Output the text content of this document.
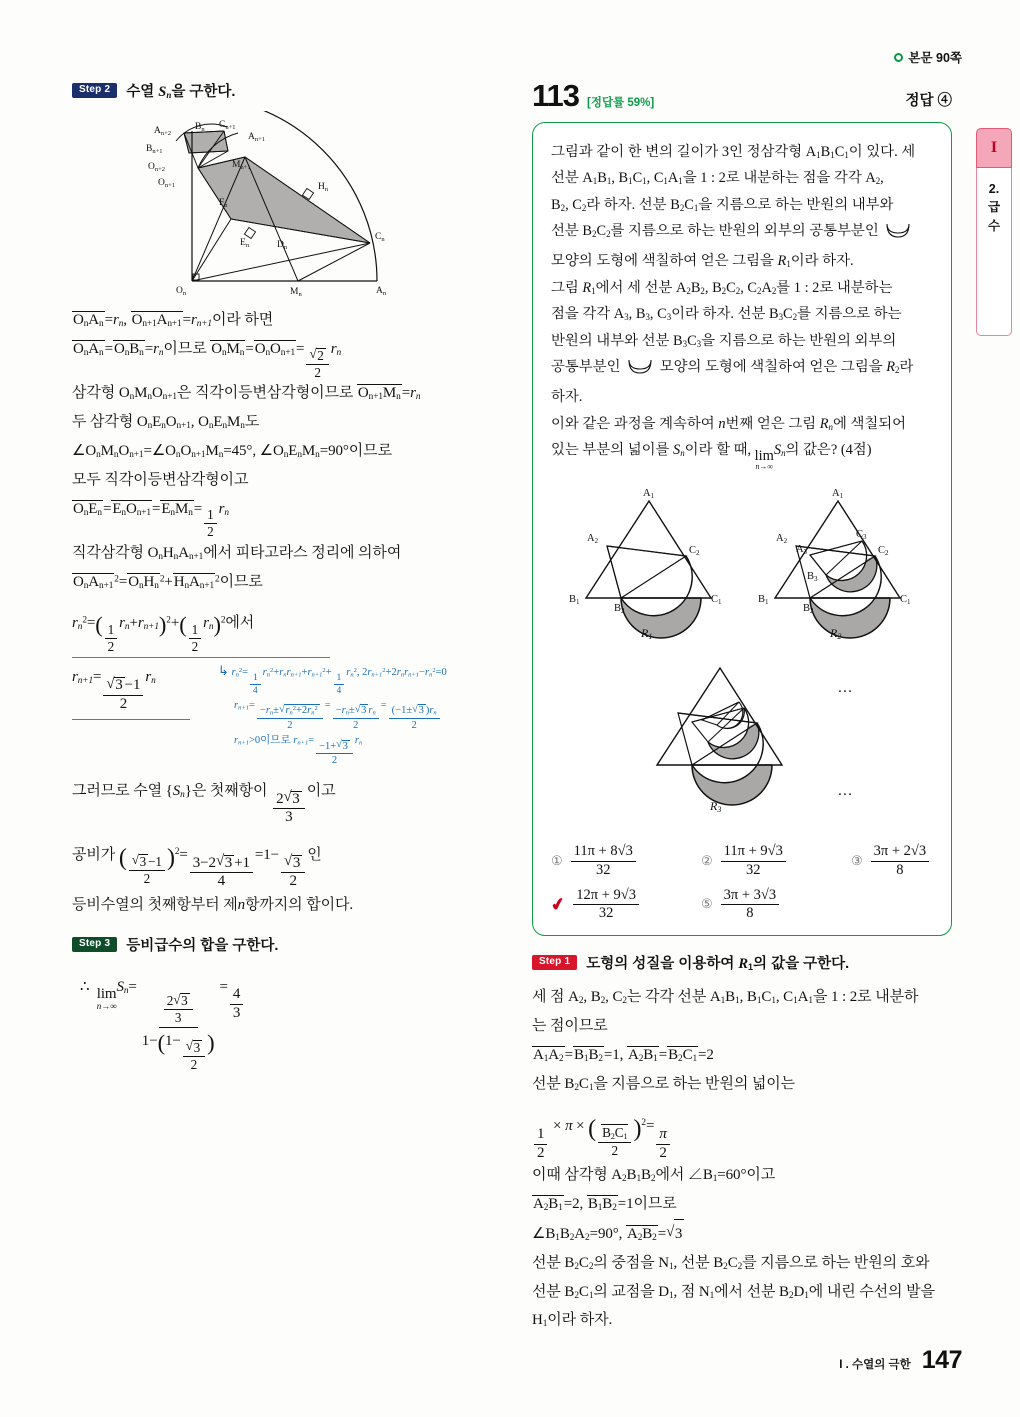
본문 90쪽
Step 2	수열 $S_n$을 구한다.
$A_{n+2}$
$B_{n+1}$
$O_{n+2}$
$B_n$ $C_{n+1}$
$A_{n+1}$
$M_{n+1}$
$O_{n+1}$
$F_n$
$H_n$
$E_n$	$D_n$
$C_n$
$O_n$	$M_n$	$A_n$
$O_nA_n=r_n$, $O_{n+1}A_{n+1}=r_{n+1}$이라 하면
$O_nA_n=O_nB_n=r_n$이므로 $O_nM_n=O_nO_{n+1}=$ √ $\frac{2}{2} r_n$
삼각형 $O_nM_nO_{n+1}$은 직각이등변삼각형이므로 $O_{n+1}M_n=r_n$
두 삼각형 $O_nE_nO_{n+1}$, $O_nE_nM_n$도
$\angle O_nM_nO_{n+1}=\angle O_nO_{n+1}M_n=45^\circ$, $\angle O_nE_nM_n=90^\circ$이므로
모두 직각이등변삼각형이고
$O_nE_n=E_nO_{n+1}=E_nM_n= \frac{1}{2} r_n$
직각삼각형 $O_nH_nA_{n+1}$에서 피타고라스 정리에 의하여
$O_nA_{n+1}^2=O_nH_n^2+H_nA_{n+1}^2$이므로
$r_n^2=( \frac{1}{2} r_n+r_{n+1})^2+( \frac{1}{2} r_n)^2$에서
$r_{n+1}=$ √ $\frac{3 -1}{2} r_n$
↳ $r_n^2=$
$\frac{1}{4}$
$r_n^2+r_nr_{n+1}+r_{n+1}^2+$
$\frac{1}{4}$
$r_n^2$, $2r_{n+1}^2+2r_nr_{n+1}-r_n^2=0$
$r_{n+1}= \frac{-r_n\pm √ r_n^2+2r_n^2}{2} = \frac{-r_n\pm √ 3 r_n}{2} = \frac{(-1\pm √ 3 )r_n}{2}$
$r_{n+1}>0$이므로 $r_{n+1}= \frac{-1+ √ 3}{2} r_n$
그러므로 수열 $\{S_n\}$은 첫째항이 $\frac{2 √ 3}{3}$ 이고
공비가 ( √ $\frac{3 -1}{2} )^2= \frac{3-2 √ 3 +1}{4} =1-$ √ $\frac{3}{2}$ 인
등비수열의 첫째항부터 제n항까지의 합이다.
Step 3	등비급수의 합을 구한다.
∴ lim
n→∞
$S_n=$
$\frac{\frac{2 √ 3}{3}}{1-(1- √ \frac{3}{2} )}$
=
$\frac{4}{3}$
113 [정답률 59%]	정답 ④
그림과 같이 한 변의 길이가 3인 정삼각형 $A_1B_1C_1$이 있다. 세
선분 $A_1B_1$, $B_1C_1$, $C_1A_1$을 1 : 2로 내분하는 점을 각각 $A_2$,
$B_2$, $C_2$라 하자. 선분 $B_2C_1$을 지름으로 하는 반원의 내부와
선분 $B_2C_2$를 지름으로 하는 반원의 외부의 공통부분인
모양의 도형에 색칠하여 얻은 그림을 $R_1$이라 하자.
그림 $R_1$에서 세 선분 $A_2B_2$, $B_2C_2$, $C_2A_2$를 1 : 2로 내분하는
점을 각각 $A_3$, $B_3$, $C_3$이라 하자. 선분 $B_3C_2$를 지름으로 하는
반원의 내부와 선분 $B_3C_3$을 지름으로 하는 반원의 외부의
공통부분인  모양의 도형에 색칠하여 얻은 그림을 $R_2$라
하자.
이와 같은 과정을 계속하여 n번째 얻은 그림 $R_n$에 색칠되어
있는 부분의 넓이를 $S_n$이라 할 때, lim
n→∞
$S_n$의 값은? (4점)
A1
A2
C2
B1
B2
C1
R1
A1
A2
A3
C3
C2
B1
B2
B3
C1
R2
R3
…
…
① $\frac{11\pi + 8√3}{32}$	② $\frac{11\pi + 9√3}{32}$	③ $\frac{3\pi + 2√3}{8}$
✔ $\frac{12\pi + 9√3}{32}$	⑤ $\frac{3\pi + 3√3}{8}$
Step 1	도형의 성질을 이용하여 $R_1$의 값을 구한다.
세 점 $A_2$, $B_2$, $C_2$는 각각 선분 $A_1B_1$, $B_1C_1$, $C_1A_1$을 1 : 2로 내분하
는 점이므로
$A_1A_2=B_1B_2=1$, $A_2B_1=B_2C_1=2$
선분 $B_2C_1$을 지름으로 하는 반원의 넓이는
$\frac{1}{2}$
× π × ( $\frac{B_2C_1}{2} )^2=$
$\frac{\pi}{2}$
이때 삼각형 $A_2B_1B_2$에서 $\angle B_1=60^\circ$이고
$A_2B_1=2$, $B_1B_2=1$이므로
$\angle B_1B_2A_2=90^\circ$, $A_2B_2=$ √ 3
선분 $B_2C_2$의 중점을 $N_1$, 선분 $B_2C_2$를 지름으로 하는 반원의 호와
선분 $B_2C_1$의 교점을 $D_1$, 점 $N_1$에서 선분 $B_2D_1$에 내린 수선의 발을
$H_1$이라 하자.
I
2.
급
수
I . 수열의 극한 147
